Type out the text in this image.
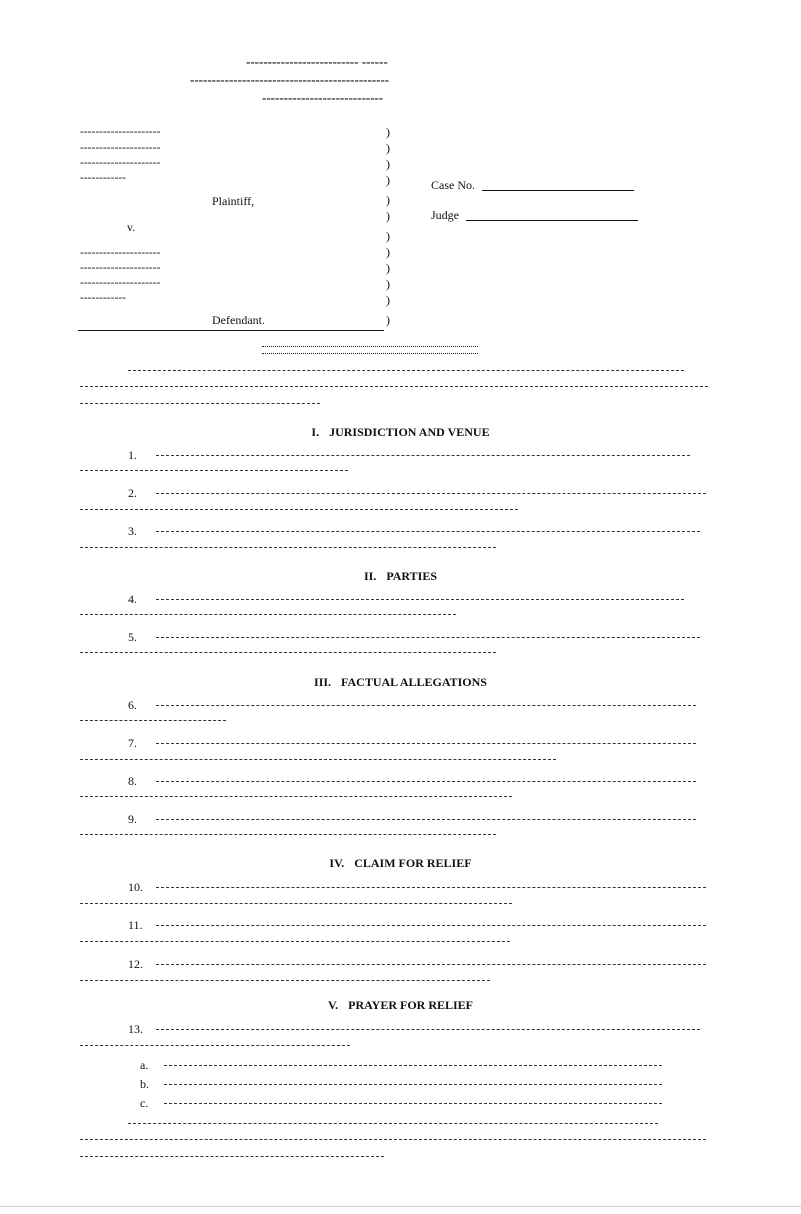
-------------------------- ------
----------------------------------------------
----------------------------
---------------------
---------------------
---------------------
------------
Plaintiff,
v.
---------------------
---------------------
---------------------
------------
Defendant.
)
)
)
)
)
)
)
)
)
)
)
)
Case No.
Judge
I. JURISDICTION AND VENUE
1.
2.
3.
II. PARTIES
4.
5.
III. FACTUAL ALLEGATIONS
6.
7.
8.
9.
IV. CLAIM FOR RELIEF
10.
11.
12.
V. PRAYER FOR RELIEF
13.
a.
b.
c.
